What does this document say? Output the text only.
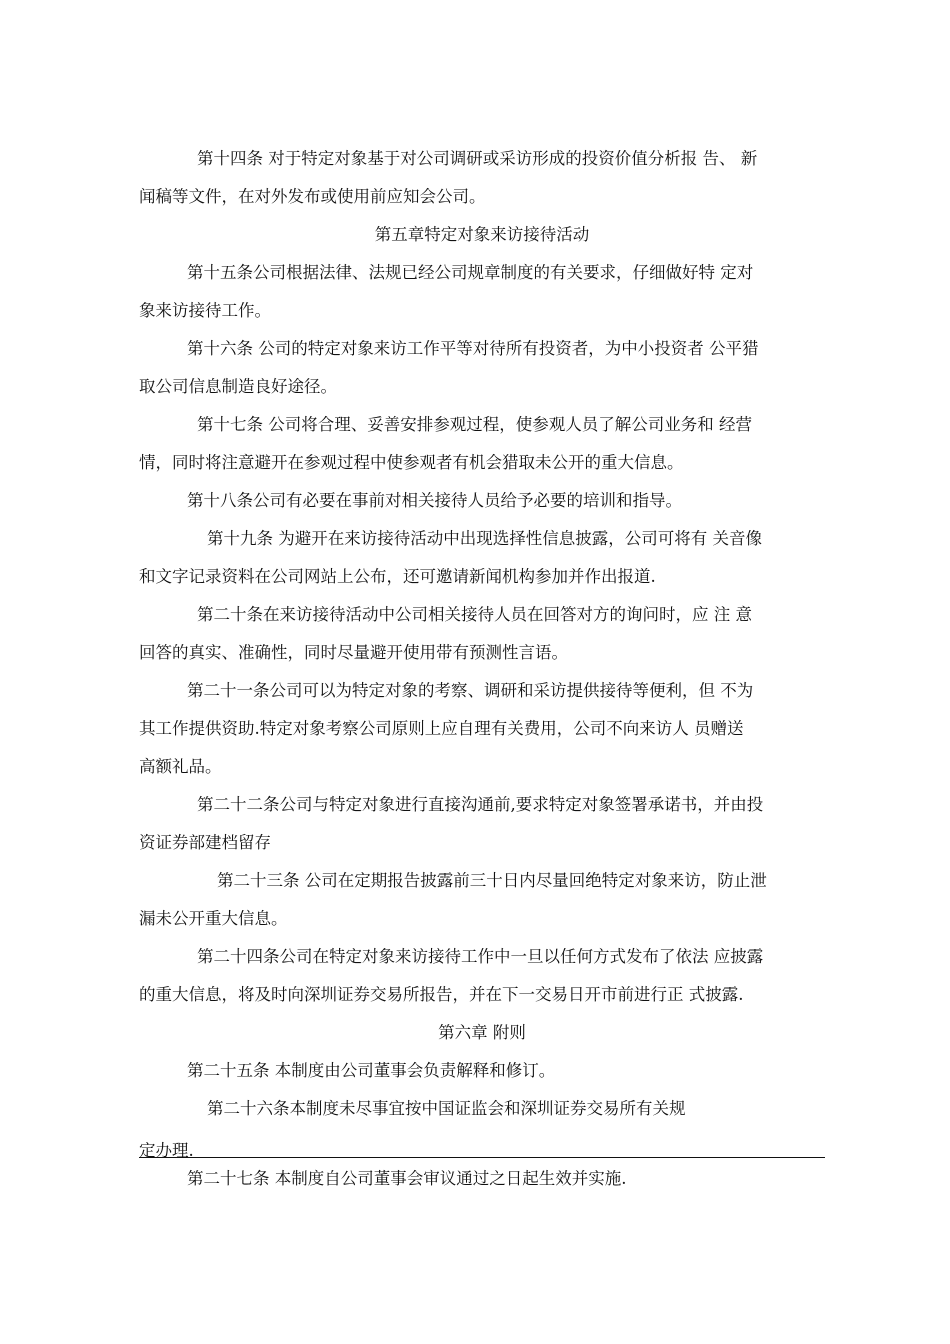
第十四条 对于特定对象基于对公司调研或采访形成的投资价值分析报 告、 新
闻稿等文件，在对外发布或使用前应知会公司。
第五章特定对象来访接待活动
第十五条公司根据法律、法规已经公司规章制度的有关要求，仔细做好特 定对
象来访接待工作。
第十六条 公司的特定对象来访工作平等对待所有投资者，为中小投资者 公平猎
取公司信息制造良好途径。
第十七条 公司将合理、妥善安排参观过程，使参观人员了解公司业务和 经营
情，同时将注意避开在参观过程中使参观者有机会猎取未公开的重大信息。
第十八条公司有必要在事前对相关接待人员给予必要的培训和指导。
第十九条 为避开在来访接待活动中出现选择性信息披露，公司可将有 关音像
和文字记录资料在公司网站上公布，还可邀请新闻机构参加并作出报道.
第二十条在来访接待活动中公司相关接待人员在回答对方的询问时，应 注 意
回答的真实、准确性，同时尽量避开使用带有预测性言语。
第二十一条公司可以为特定对象的考察、调研和采访提供接待等便利，但 不为
其工作提供资助.特定对象考察公司原则上应自理有关费用，公司不向来访人 员赠送
高额礼品。
第二十二条公司与特定对象进行直接沟通前,要求特定对象签署承诺书，并由投
资证券部建档留存
第二十三条 公司在定期报告披露前三十日内尽量回绝特定对象来访，防止泄
漏未公开重大信息。
第二十四条公司在特定对象来访接待工作中一旦以任何方式发布了依法 应披露
的重大信息，将及时向深圳证券交易所报告，并在下一交易日开市前进行正 式披露.
第六章 附则
第二十五条 本制度由公司董事会负责解释和修订。
第二十六条本制度未尽事宜按中国证监会和深圳证券交易所有关规
定办理.
第二十七条 本制度自公司董事会审议通过之日起生效并实施.
